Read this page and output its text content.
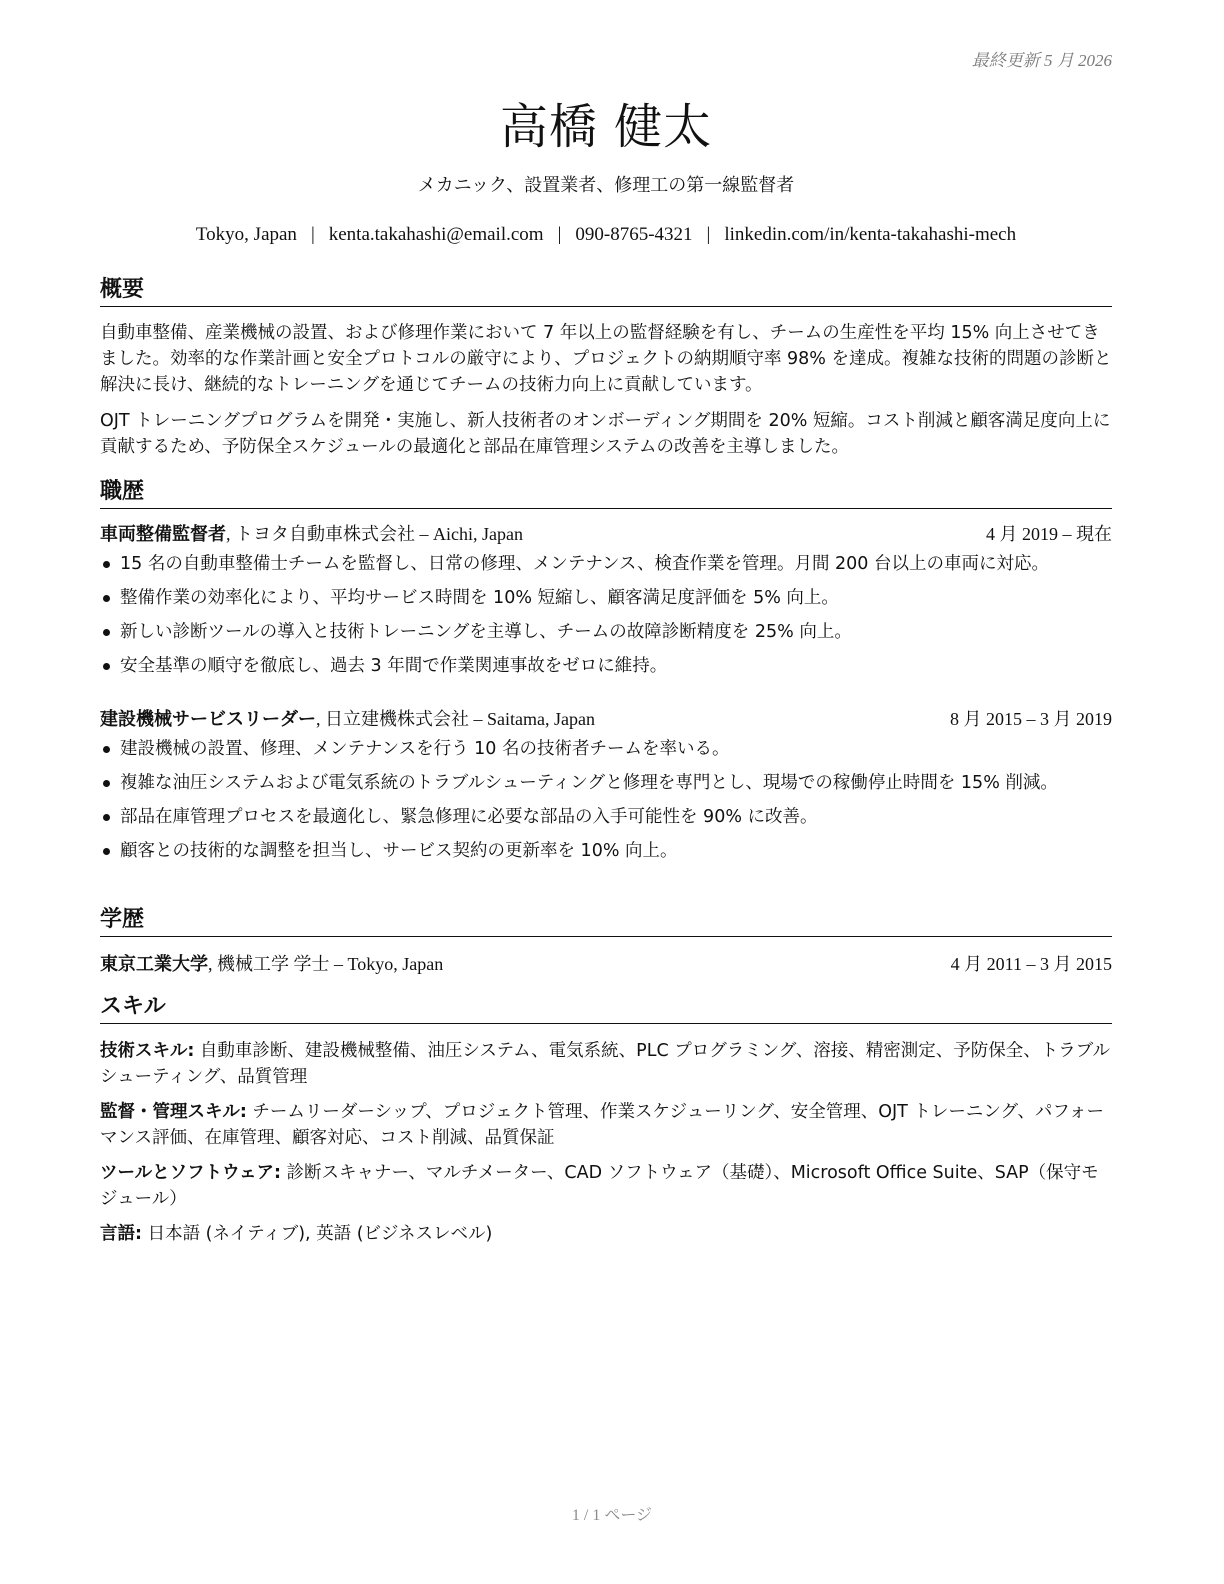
最終更新 5 月 2026
高橋 健太
メカニック、設置業者、修理工の第一線監督者
Tokyo, Japan | kenta.takahashi@email.com | 090-8765-4321 | linkedin.com/in/kenta-takahashi-mech
概要
自動車整備、産業機械の設置、および修理作業において 7 年以上の監督経験を有し、チームの生産性を平均 15% 向上させてきました。効率的な作業計画と安全プロトコルの厳守により、プロジェクトの納期順守率 98% を達成。複雑な技術的問題の診断と解決に長け、継続的なトレーニングを通じてチームの技術力向上に貢献しています。
OJT トレーニングプログラムを開発・実施し、新人技術者のオンボーディング期間を 20% 短縮。コスト削減と顧客満足度向上に貢献するため、予防保全スケジュールの最適化と部品在庫管理システムの改善を主導しました。
職歴
車両整備監督者, トヨタ自動車株式会社 – Aichi, Japan	4 月 2019 – 現在
15 名の自動車整備士チームを監督し、日常の修理、メンテナンス、検査作業を管理。月間 200 台以上の車両に対応。
整備作業の効率化により、平均サービス時間を 10% 短縮し、顧客満足度評価を 5% 向上。
新しい診断ツールの導入と技術トレーニングを主導し、チームの故障診断精度を 25% 向上。
安全基準の順守を徹底し、過去 3 年間で作業関連事故をゼロに維持。
建設機械サービスリーダー, 日立建機株式会社 – Saitama, Japan	8 月 2015 – 3 月 2019
建設機械の設置、修理、メンテナンスを行う 10 名の技術者チームを率いる。
複雑な油圧システムおよび電気系統のトラブルシューティングと修理を専門とし、現場での稼働停止時間を 15% 削減。
部品在庫管理プロセスを最適化し、緊急修理に必要な部品の入手可能性を 90% に改善。
顧客との技術的な調整を担当し、サービス契約の更新率を 10% 向上。
学歴
東京工業大学, 機械工学 学士 – Tokyo, Japan	4 月 2011 – 3 月 2015
スキル
技術スキル: 自動車診断、建設機械整備、油圧システム、電気系統、PLC プログラミング、溶接、精密測定、予防保全、トラブルシューティング、品質管理
監督・管理スキル: チームリーダーシップ、プロジェクト管理、作業スケジューリング、安全管理、OJT トレーニング、パフォーマンス評価、在庫管理、顧客対応、コスト削減、品質保証
ツールとソフトウェア: 診断スキャナー、マルチメーター、CAD ソフトウェア（基礎）、Microsoft Office Suite、SAP（保守モジュール）
言語: 日本語 (ネイティブ), 英語 (ビジネスレベル)
1 / 1 ページ
